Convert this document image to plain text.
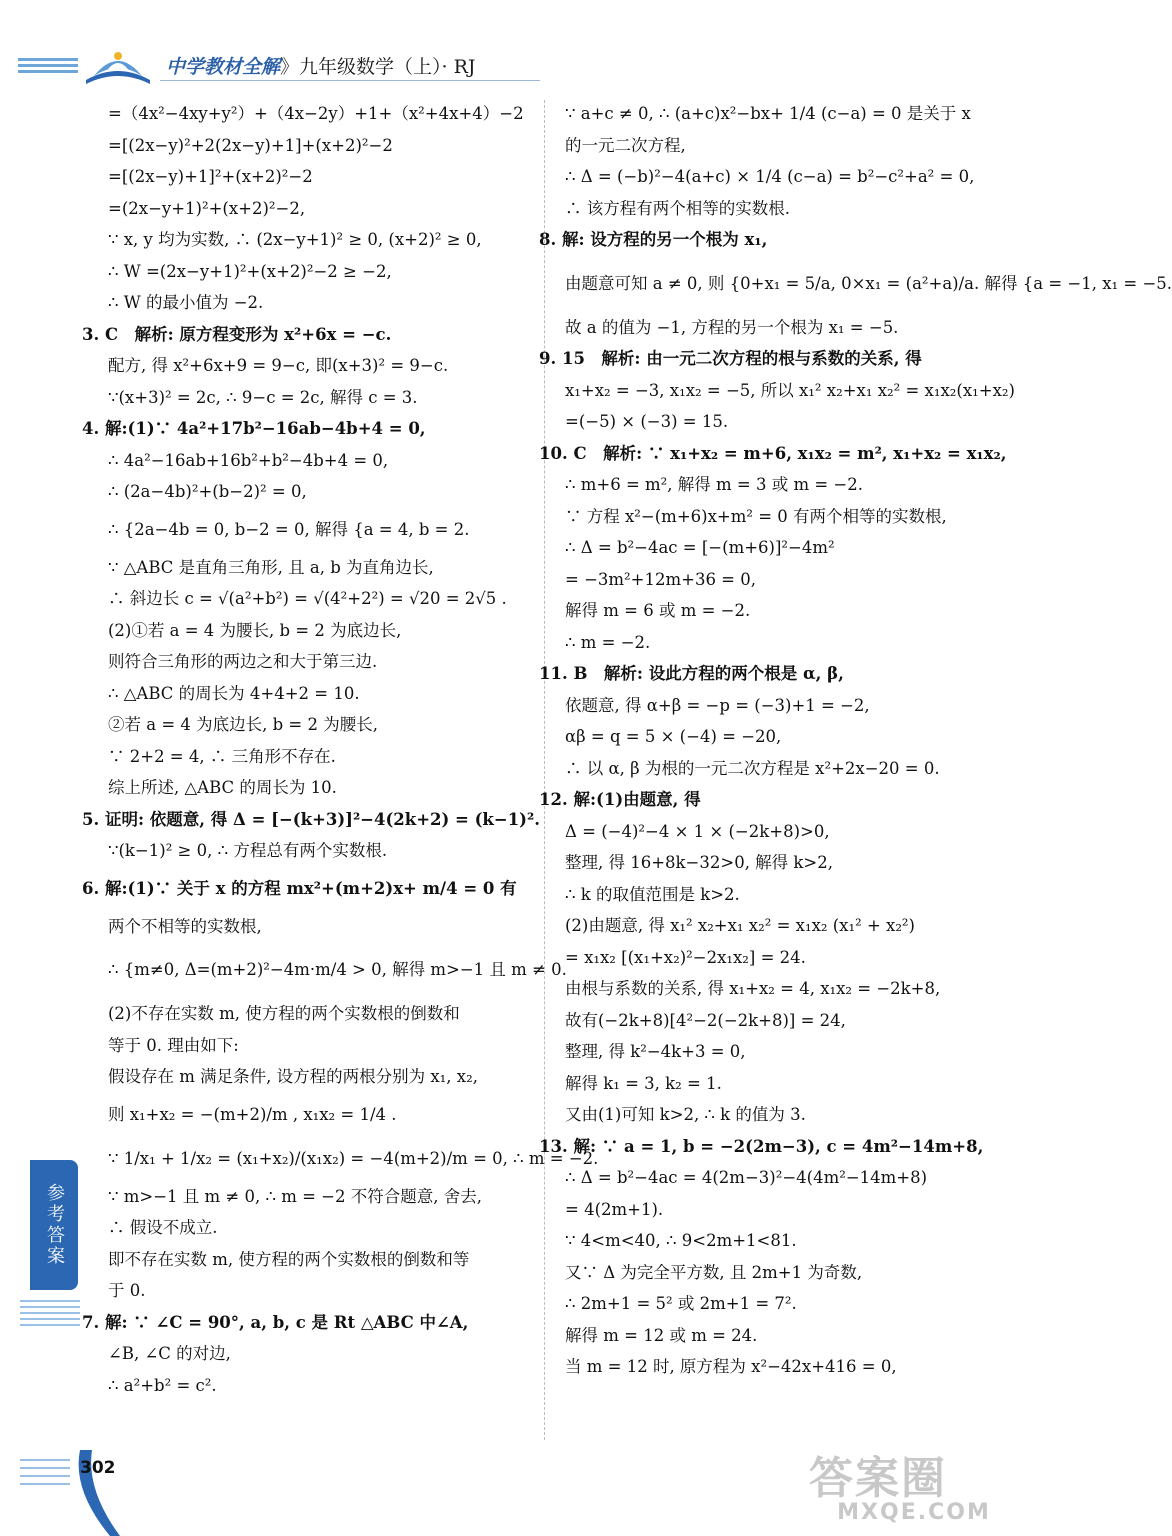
中学教材全解》九年级数学（上）· RJ
=（4x²−4xy+y²）+（4x−2y）+1+（x²+4x+4）−2
=[(2x−y)²+2(2x−y)+1]+(x+2)²−2
=[(2x−y)+1]²+(x+2)²−2
=(2x−y+1)²+(x+2)²−2,
∵ x, y 均为实数, ∴ (2x−y+1)² ≥ 0, (x+2)² ≥ 0,
∴ W =(2x−y+1)²+(x+2)²−2 ≥ −2,
∴ W 的最小值为 −2.
3. C　解析: 原方程变形为 x²+6x = −c.
配方, 得 x²+6x+9 = 9−c, 即(x+3)² = 9−c.
∵(x+3)² = 2c, ∴ 9−c = 2c, 解得 c = 3.
4. 解:(1)∵ 4a²+17b²−16ab−4b+4 = 0,
∴ 4a²−16ab+16b²+b²−4b+4 = 0,
∴ (2a−4b)²+(b−2)² = 0,
∴ {2a−4b = 0, b−2 = 0, 解得 {a = 4, b = 2.
∵ △ABC 是直角三角形, 且 a, b 为直角边长,
∴ 斜边长 c = √(a²+b²) = √(4²+2²) = √20 = 2√5 .
(2)①若 a = 4 为腰长, b = 2 为底边长,
则符合三角形的两边之和大于第三边.
∴ △ABC 的周长为 4+4+2 = 10.
②若 a = 4 为底边长, b = 2 为腰长,
∵ 2+2 = 4, ∴ 三角形不存在.
综上所述, △ABC 的周长为 10.
5. 证明: 依题意, 得 Δ = [−(k+3)]²−4(2k+2) = (k−1)².
∵(k−1)² ≥ 0, ∴ 方程总有两个实数根.
6. 解:(1)∵ 关于 x 的方程 mx²+(m+2)x+ m/4 = 0 有
两个不相等的实数根,
∴ {m≠0, Δ=(m+2)²−4m·m/4 > 0, 解得 m>−1 且 m ≠ 0.
(2)不存在实数 m, 使方程的两个实数根的倒数和
等于 0. 理由如下:
假设存在 m 满足条件, 设方程的两根分别为 x₁, x₂,
则 x₁+x₂ = −(m+2)/m , x₁x₂ = 1/4 .
∵ 1/x₁ + 1/x₂ = (x₁+x₂)/(x₁x₂) = −4(m+2)/m = 0, ∴ m = −2.
∵ m>−1 且 m ≠ 0, ∴ m = −2 不符合题意, 舍去,
∴ 假设不成立.
即不存在实数 m, 使方程的两个实数根的倒数和等
于 0.
7. 解: ∵ ∠C = 90°, a, b, c 是 Rt △ABC 中∠A,
∠B, ∠C 的对边,
∴ a²+b² = c².
∵ a+c ≠ 0, ∴ (a+c)x²−bx+ 1/4 (c−a) = 0 是关于 x
的一元二次方程,
∴ Δ = (−b)²−4(a+c) × 1/4 (c−a) = b²−c²+a² = 0,
∴ 该方程有两个相等的实数根.
8. 解: 设方程的另一个根为 x₁,
由题意可知 a ≠ 0, 则 {0+x₁ = 5/a, 0×x₁ = (a²+a)/a. 解得 {a = −1, x₁ = −5.
故 a 的值为 −1, 方程的另一个根为 x₁ = −5.
9. 15　解析: 由一元二次方程的根与系数的关系, 得
x₁+x₂ = −3, x₁x₂ = −5, 所以 x₁² x₂+x₁ x₂² = x₁x₂(x₁+x₂)
=(−5) × (−3) = 15.
10. C　解析: ∵ x₁+x₂ = m+6, x₁x₂ = m², x₁+x₂ = x₁x₂,
∴ m+6 = m², 解得 m = 3 或 m = −2.
∵ 方程 x²−(m+6)x+m² = 0 有两个相等的实数根,
∴ Δ = b²−4ac = [−(m+6)]²−4m²
= −3m²+12m+36 = 0,
解得 m = 6 或 m = −2.
∴ m = −2.
11. B　解析: 设此方程的两个根是 α, β,
依题意, 得 α+β = −p = (−3)+1 = −2,
αβ = q = 5 × (−4) = −20,
∴ 以 α, β 为根的一元二次方程是 x²+2x−20 = 0.
12. 解:(1)由题意, 得
Δ = (−4)²−4 × 1 × (−2k+8)>0,
整理, 得 16+8k−32>0, 解得 k>2,
∴ k 的取值范围是 k>2.
(2)由题意, 得 x₁² x₂+x₁ x₂² = x₁x₂ (x₁² + x₂²)
= x₁x₂ [(x₁+x₂)²−2x₁x₂] = 24.
由根与系数的关系, 得 x₁+x₂ = 4, x₁x₂ = −2k+8,
故有(−2k+8)[4²−2(−2k+8)] = 24,
整理, 得 k²−4k+3 = 0,
解得 k₁ = 3, k₂ = 1.
又由(1)可知 k>2, ∴ k 的值为 3.
13. 解: ∵ a = 1, b = −2(2m−3), c = 4m²−14m+8,
∴ Δ = b²−4ac = 4(2m−3)²−4(4m²−14m+8)
= 4(2m+1).
∵ 4<m<40, ∴ 9<2m+1<81.
又∵ Δ 为完全平方数, 且 2m+1 为奇数,
∴ 2m+1 = 5² 或 2m+1 = 7².
解得 m = 12 或 m = 24.
当 m = 12 时, 原方程为 x²−42x+416 = 0,
参考答案
302	答案圈
MXQE.COM
